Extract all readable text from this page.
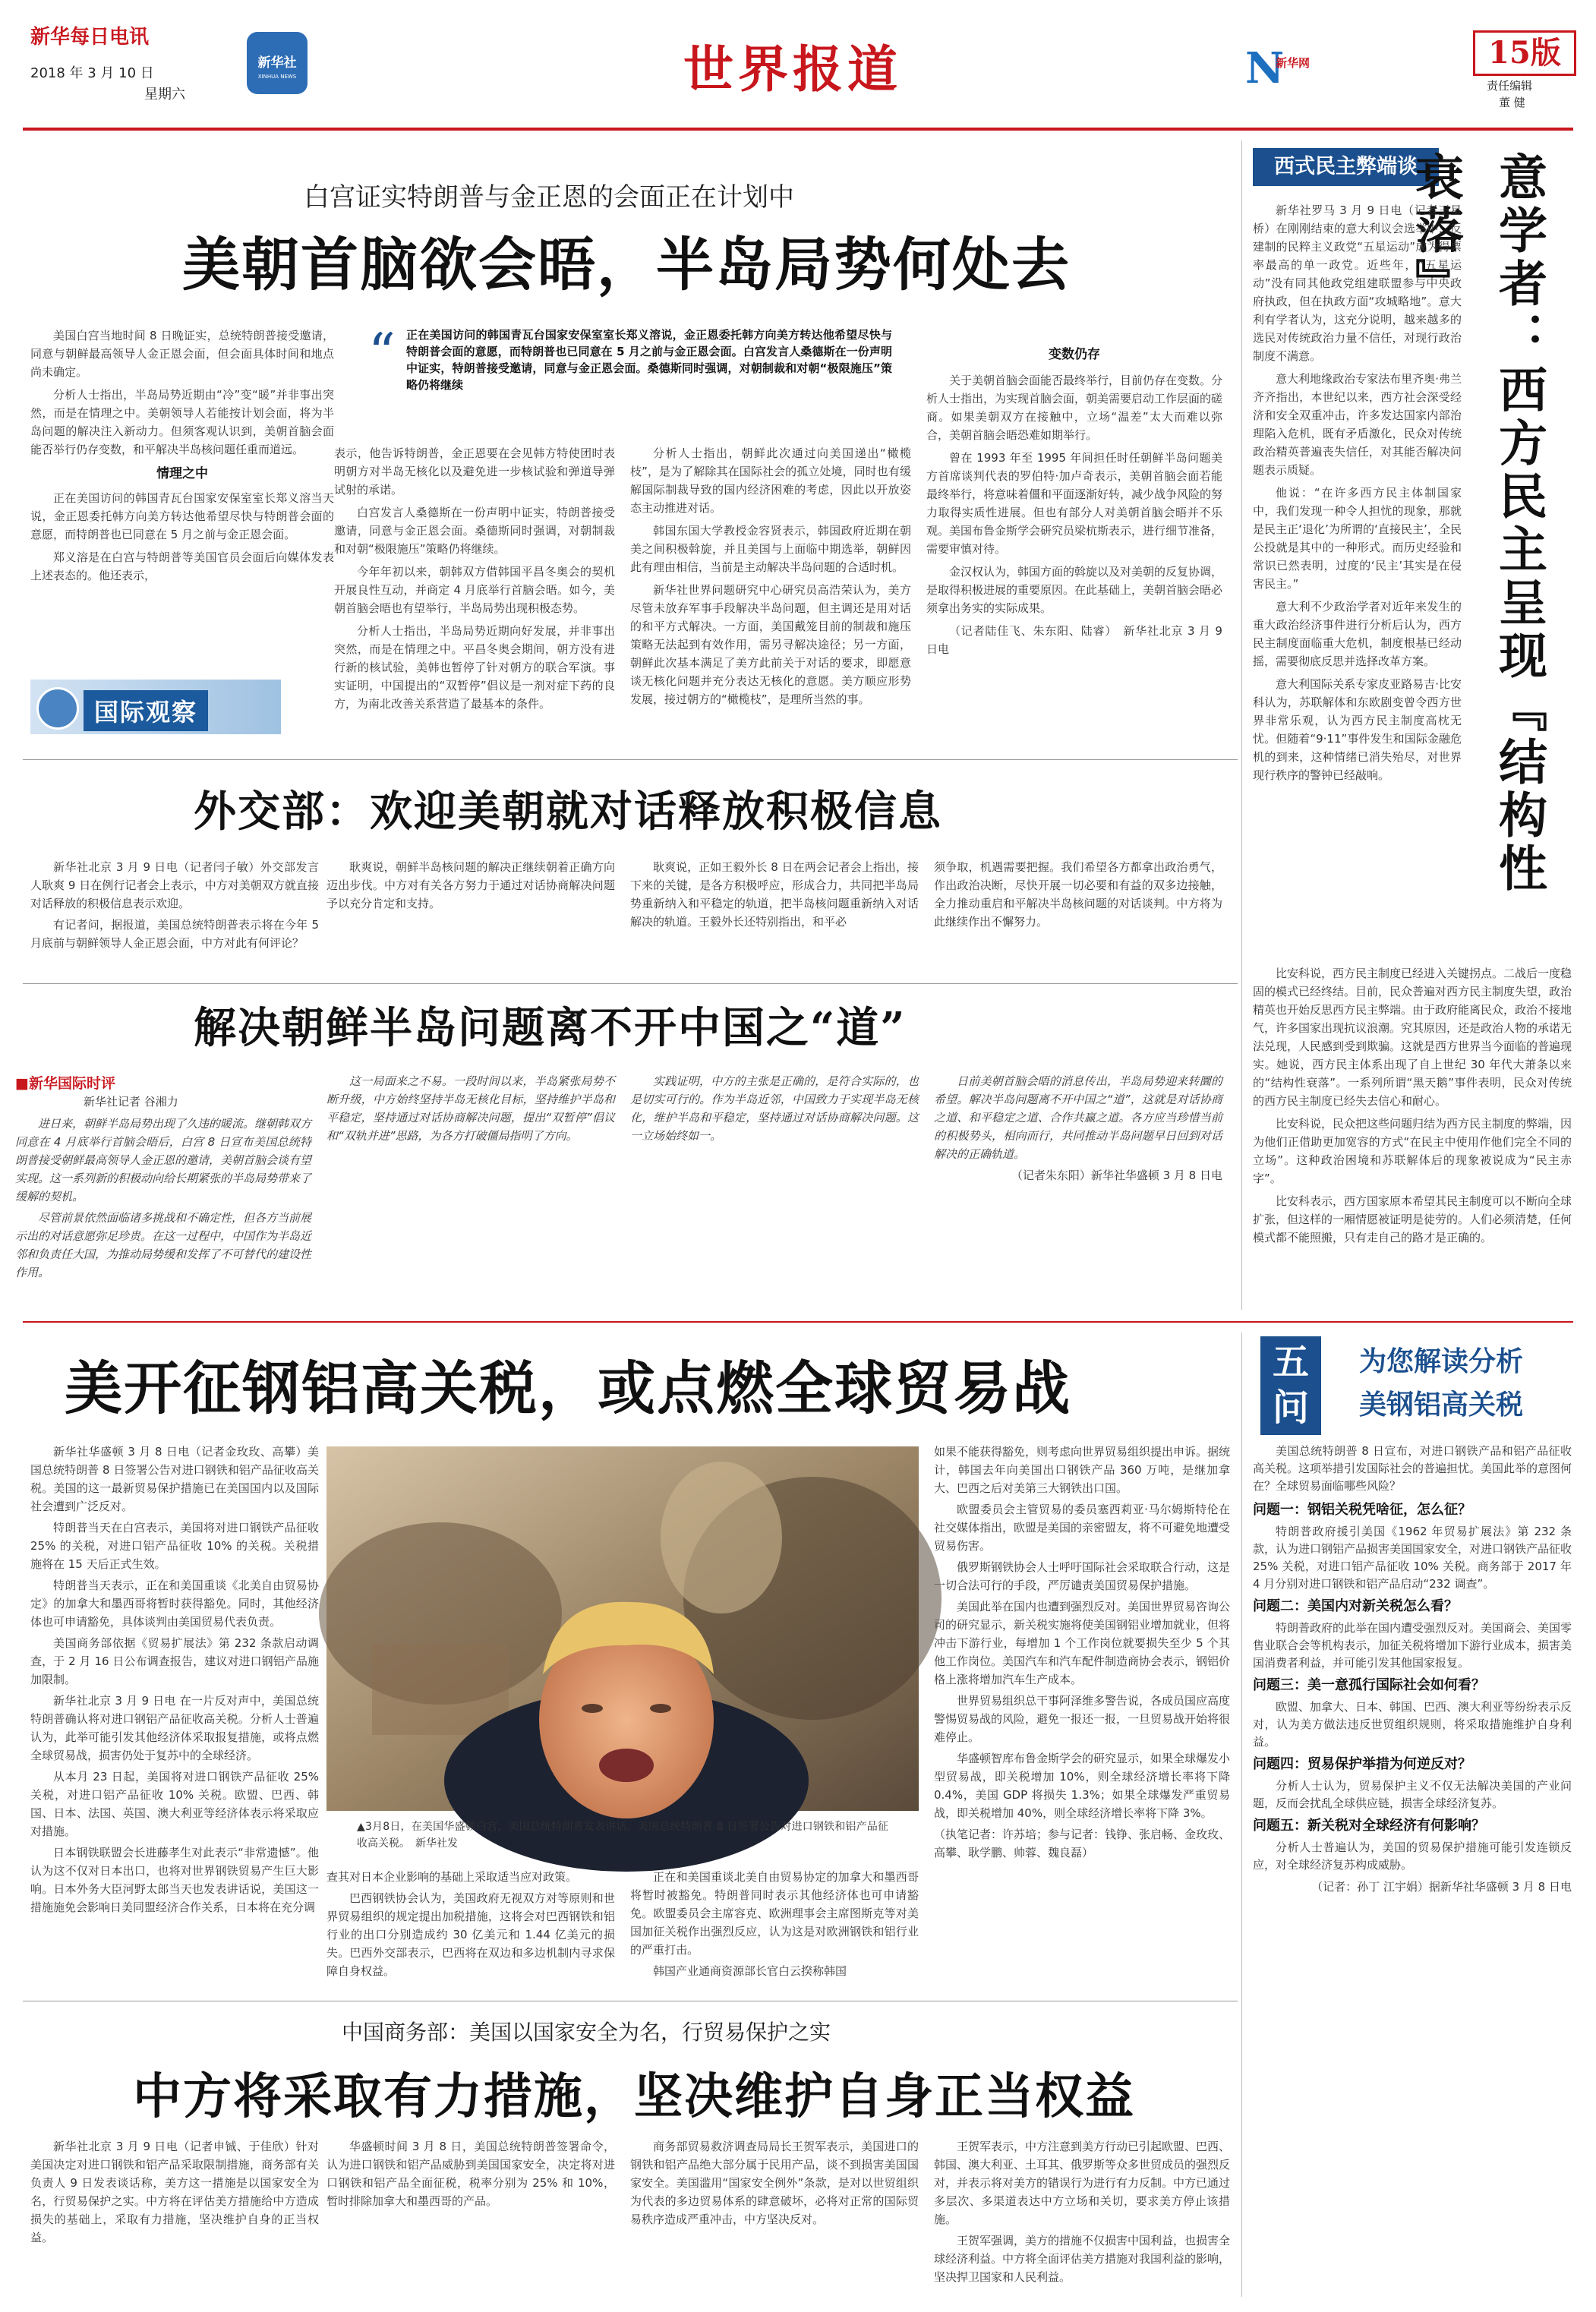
新华每日电讯
2018 年 3 月 10 日
星期六
新华社
XINHUA NEWS	世界报道	N
新华网	15版
责任编辑
董 健
白宫证实特朗普与金正恩的会面正在计划中
美朝首脑欲会晤，半岛局势何处去
“ 正在美国访问的韩国青瓦台国家安保室室长郑义溶说，金正恩委托韩方向美方转达他希望尽快与特朗普会面的意愿，而特朗普也已同意在 5 月之前与金正恩会面。白宫发言人桑德斯在一份声明中证实，特朗普接受邀请，同意与金正恩会面。桑德斯同时强调，对朝制裁和对朝“极限施压”策略仍将继续

美国白宫当地时间 8 日晚证实，总统特朗普接受邀请，同意与朝鲜最高领导人金正恩会面，但会面具体时间和地点尚未确定。

分析人士指出，半岛局势近期由“冷”变“暖”并非事出突然，而是在情理之中。美朝领导人若能按计划会面，将为半岛问题的解决注入新动力。但须客观认识到，美朝首脑会面能否举行仍存变数，和平解决半岛核问题任重而道远。

情理之中

正在美国访问的韩国青瓦台国家安保室室长郑义溶当天说，金正恩委托韩方向美方转达他希望尽快与特朗普会面的意愿，而特朗普也已同意在 5 月之前与金正恩会面。

郑义溶是在白宫与特朗普等美国官员会面后向媒体发表上述表态的。他还表示，

国际观察

表示，他告诉特朗普，金正恩要在会见韩方特使团时表明朝方对半岛无核化以及避免进一步核试验和弹道导弹试射的承诺。

白宫发言人桑德斯在一份声明中证实，特朗普接受邀请，同意与金正恩会面。桑德斯同时强调，对朝制裁和对朝“极限施压”策略仍将继续。

今年年初以来，朝韩双方借韩国平昌冬奥会的契机开展良性互动，并商定 4 月底举行首脑会晤。如今，美朝首脑会晤也有望举行，半岛局势出现积极态势。

分析人士指出，半岛局势近期向好发展，并非事出突然，而是在情理之中。平昌冬奥会期间，朝方没有进行新的核试验，美韩也暂停了针对朝方的联合军演。事实证明，中国提出的“双暂停”倡议是一剂对症下药的良方，为南北改善关系营造了最基本的条件。

分析人士指出，朝鲜此次通过向美国递出“橄榄枝”，是为了解除其在国际社会的孤立处境，同时也有缓解国际制裁导致的国内经济困难的考虑，因此以开放姿态主动推进对话。

韩国东国大学教授金容贤表示，韩国政府近期在朝美之间积极斡旋，并且美国与上面临中期选举，朝鲜因此有理由相信，当前是主动解决半岛问题的合适时机。

新华社世界问题研究中心研究员高浩荣认为，美方尽管未放弃军事手段解决半岛问题，但主调还是用对话的和平方式解决。一方面，美国戴笼目前的制裁和施压策略无法起到有效作用，需另寻解决途径；另一方面，朝鲜此次基本满足了美方此前关于对话的要求，即愿意谈无核化问题并充分表达无核化的意愿。美方顺应形势发展，接过朝方的“橄榄枝”，是理所当然的事。

变数仍存

关于美朝首脑会面能否最终举行，目前仍存在变数。分析人士指出，为实现首脑会面，朝美需要启动工作层面的磋商。如果美朝双方在接触中，立场“温差”太大而难以弥合，美朝首脑会晤恐难如期举行。

曾在 1993 年至 1995 年间担任时任朝鲜半岛问题美方首席谈判代表的罗伯特·加卢奇表示，美朝首脑会面若能最终举行，将意味着僵和平面逐渐好转，减少战争风险的努力取得实质性进展。但也有部分人对美朝首脑会晤并不乐观。美国布鲁金斯学会研究员梁杭斯表示，进行细节准备，需要审慎对待。

金汉权认为，韩国方面的斡旋以及对美朝的反复协调，是取得积极进展的重要原因。在此基础上，美朝首脑会晤必须拿出务实的实际成果。

（记者陆佳飞、朱东阳、陆睿）　 新华社北京 3 月 9 日电

外交部：欢迎美朝就对话释放积极信息

新华社北京 3 月 9 日电（记者闫子敏）外交部发言人耿爽 9 日在例行记者会上表示，中方对美朝双方就直接对话释放的积极信息表示欢迎。

有记者问，据报道，美国总统特朗普表示将在今年 5 月底前与朝鲜领导人金正恩会面，中方对此有何评论？

耿爽说，朝鲜半岛核问题的解决正继续朝着正确方向迈出步伐。中方对有关各方努力于通过对话协商解决问题予以充分肯定和支持。

耿爽说，正如王毅外长 8 日在两会记者会上指出，接下来的关键，是各方积极呼应，形成合力，共同把半岛局势重新纳入和平稳定的轨道，把半岛核问题重新纳入对话解决的轨道。王毅外长还特别指出，和平必

须争取，机遇需要把握。我们希望各方都拿出政治勇气，作出政治决断，尽快开展一切必要和有益的双多边接触，全力推动重启和平解决半岛核问题的对话谈判。中方将为此继续作出不懈努力。

解决朝鲜半岛问题离不开中国之“道”
■新华国际时评
新华社记者 谷湘力

进日来，朝鲜半岛局势出现了久违的暖流。继朝韩双方同意在 4 月底举行首脑会晤后，白宫 8 日宣布美国总统特朗普接受朝鲜最高领导人金正恩的邀请，美朝首脑会谈有望实现。这一系列新的积极动向给长期紧张的半岛局势带来了缓解的契机。

尽管前景依然面临诸多挑战和不确定性，但各方当前展示出的对话意愿弥足珍贵。在这一过程中，中国作为半岛近邻和负责任大国，为推动局势缓和发挥了不可替代的建设性作用。

这一局面来之不易。一段时间以来，半岛紧张局势不断升级，中方始终坚持半岛无核化目标，坚持维护半岛和平稳定，坚持通过对话协商解决问题，提出“双暂停”倡议和“双轨并进”思路，为各方打破僵局指明了方向。

实践证明，中方的主张是正确的，是符合实际的，也是切实可行的。作为半岛近邻，中国致力于实现半岛无核化，维护半岛和平稳定，坚持通过对话协商解决问题。这一立场始终如一。

日前美朝首脑会晤的消息传出，半岛局势迎来转圜的希望。解决半岛问题离不开中国之“道”，这就是对话协商之道、和平稳定之道、合作共赢之道。各方应当珍惜当前的积极势头，相向而行，共同推动半岛问题早日回到对话解决的正确轨道。

（记者朱东阳）新华社华盛顿 3 月 8 日电

西式民主弊端谈	意学者：西方民主呈现『结构性衰落』

新华社罗马 3 月 9 日电（记者王星桥）在刚刚结束的意大利议会选举中，反建制的民粹主义政党“五星运动”成为得票率最高的单一政党。近些年，“五星运动”没有同其他政党组建联盟参与中央政府执政，但在执政方面“攻城略地”。意大利有学者认为，这充分说明，越来越多的选民对传统政治力量不信任，对现行政治制度不满意。

意大利地缘政治专家法布里齐奥·弗兰齐齐指出，本世纪以来，西方社会深受经济和安全双重冲击，许多发达国家内部治理陷入危机，既有矛盾激化，民众对传统政治精英普遍丧失信任，对其能否解决问题表示质疑。

他说：“在许多西方民主体制国家中，我们发现一种令人担忧的现象，那就是民主正‘退化’为所谓的‘直接民主’，全民公投就是其中的一种形式。而历史经验和常识已然表明，过度的‘民主’其实是在侵害民主。”

意大利不少政治学者对近年来发生的重大政治经济事件进行分析后认为，西方民主制度面临重大危机，制度根基已经动摇，需要彻底反思并选择改革方案。

意大利国际关系专家皮亚路易吉·比安科认为，苏联解体和东欧剧变曾令西方世界非常乐观，认为西方民主制度高枕无忧。但随着“9·11”事件发生和国际金融危机的到来，这种情绪已消失殆尽，对世界现行秩序的警钟已经敲响。

比安科说，西方民主制度已经进入关键拐点。二战后一度稳固的模式已经终结。目前，民众普遍对西方民主制度失望，政治精英也开始反思西方民主弊端。由于政府能离民众，政治不接地气，许多国家出现抗议浪潮。究其原因，还是政治人物的承诺无法兑现，人民感到受到欺骗。这就是西方世界当今面临的普遍现实。她说，西方民主体系出现了自上世纪 30 年代大萧条以来的“结构性衰落”。一系列所谓“黑天鹅”事件表明，民众对传统的西方民主制度已经失去信心和耐心。

比安科说，民众把这些问题归结为西方民主制度的弊端，因为他们正借助更加宽容的方式“在民主中使用作他们完全不同的立场”。这种政治困境和苏联解体后的现象被说成为“民主赤字”。

比安科表示，西方国家原本希望其民主制度可以不断向全球扩张，但这样的一厢情愿被证明是徒劳的。人们必须清楚，任何模式都不能照搬，只有走自己的路才是正确的。

美开征钢铝高关税，或点燃全球贸易战

新华社华盛顿 3 月 8 日电（记者金玫玫、高攀）美国总统特朗普 8 日签署公告对进口钢铁和铝产品征收高关税。美国的这一最新贸易保护措施已在美国国内以及国际社会遭到广泛反对。

特朗普当天在白宫表示，美国将对进口钢铁产品征收 25% 的关税，对进口铝产品征收 10% 的关税。关税措施将在 15 天后正式生效。

特朗普当天表示，正在和美国重谈《北美自由贸易协定》的加拿大和墨西哥将暂时获得豁免。同时，其他经济体也可申请豁免，具体谈判由美国贸易代表负责。

美国商务部依据《贸易扩展法》第 232 条款启动调查，于 2 月 16 日公布调查报告，建议对进口钢铝产品施加限制。

新华社北京 3 月 9 日电 在一片反对声中，美国总统特朗普确认将对进口钢铝产品征收高关税。分析人士普遍认为，此举可能引发其他经济体采取报复措施，或将点燃全球贸易战，损害仍处于复苏中的全球经济。

从本月 23 日起，美国将对进口钢铁产品征收 25% 关税，对进口铝产品征收 10% 关税。欧盟、巴西、韩国、日本、法国、英国、澳大利亚等经济体表示将采取应对措施。

日本钢铁联盟会长进藤孝生对此表示“非常遗憾”。他认为这不仅对日本出口，也将对世界钢铁贸易产生巨大影响。日本外务大臣河野太郎当天也发表讲话说，美国这一措施施免会影响日美同盟经济合作关系，日本将在充分调

▲3月8日，在美国华盛顿白宫，美国总统特朗普发表讲话。美国总统特朗普 8 日签署公告对进口钢铁和铝产品征收高关税。　新华社发

查其对日本企业影响的基础上采取适当应对政策。

巴西钢铁协会认为，美国政府无视双方对等原则和世界贸易组织的规定提出加税措施，这将会对巴西钢铁和铝行业的出口分别造成约 30 亿美元和 1.44 亿美元的损失。巴西外交部表示，巴西将在双边和多边机制内寻求保障自身权益。

正在和美国重谈北美自由贸易协定的加拿大和墨西哥将暂时被豁免。特朗普同时表示其他经济体也可申请豁免。欧盟委员会主席容克、欧洲理事会主席图斯克等对美国加征关税作出强烈反应，认为这是对欧洲钢铁和铝行业的严重打击。

韩国产业通商资源部长官白云揆称韩国

如果不能获得豁免，则考虑向世界贸易组织提出申诉。据统计，韩国去年向美国出口钢铁产品 360 万吨，是继加拿大、巴西之后对美第三大钢铁出口国。

欧盟委员会主管贸易的委员塞西莉亚·马尔姆斯特伦在社交媒体指出，欧盟是美国的亲密盟友，将不可避免地遭受贸易伤害。

俄罗斯钢铁协会人士呼吁国际社会采取联合行动，这是一切合法可行的手段，严厉谴责美国贸易保护措施。

美国此举在国内也遭到强烈反对。美国世界贸易咨询公司的研究显示，新关税实施将使美国钢铝业增加就业，但将冲击下游行业，每增加 1 个工作岗位就要损失至少 5 个其他工作岗位。美国汽车和汽车配件制造商协会表示，钢铝价格上涨将增加汽车生产成本。

世界贸易组织总干事阿泽维多警告说，各成员国应高度警惕贸易战的风险，避免一报还一报，一旦贸易战开始将很难停止。

华盛顿智库布鲁金斯学会的研究显示，如果全球爆发小型贸易战，即关税增加 10%，则全球经济增长率将下降 0.4%，美国 GDP 将损失 1.3%；如果全球爆发严重贸易战，即关税增加 40%，则全球经济增长率将下降 3%。

（执笔记者：许苏培；参与记者：钱铮、张启畅、金玫玫、高攀、耿学鹏、帅蓉、魏良磊）

五
问
为您解读分析
美钢铝高关税

美国总统特朗普 8 日宣布，对进口钢铁产品和铝产品征收高关税。这项举措引发国际社会的普遍担忧。美国此举的意图何在？全球贸易面临哪些风险？

问题一：钢铝关税凭啥征，怎么征？

特朗普政府援引美国《1962 年贸易扩展法》第 232 条款，认为进口钢铝产品损害美国国家安全，对进口钢铁产品征收 25% 关税，对进口铝产品征收 10% 关税。商务部于 2017 年 4 月分别对进口钢铁和铝产品启动“232 调查”。

问题二：美国内对新关税怎么看？

特朗普政府的此举在国内遭受强烈反对。美国商会、美国零售业联合会等机构表示，加征关税将增加下游行业成本，损害美国消费者利益，并可能引发其他国家报复。

问题三：美一意孤行国际社会如何看？

欧盟、加拿大、日本、韩国、巴西、澳大利亚等纷纷表示反对，认为美方做法违反世贸组织规则，将采取措施维护自身利益。

问题四：贸易保护举措为何逆反对？

分析人士认为，贸易保护主义不仅无法解决美国的产业问题，反而会扰乱全球供应链，损害全球经济复苏。

问题五：新关税对全球经济有何影响？

分析人士普遍认为，美国的贸易保护措施可能引发连锁反应，对全球经济复苏构成威胁。

（记者：孙丁 江宇娟）据新华社华盛顿 3 月 8 日电

中国商务部：美国以国家安全为名，行贸易保护之实
中方将采取有力措施，坚决维护自身正当权益

新华社北京 3 月 9 日电（记者申铖、于佳欣）针对美国决定对进口钢铁和铝产品采取限制措施，商务部有关负责人 9 日发表谈话称，美方这一措施是以国家安全为名，行贸易保护之实。中方将在评估美方措施给中方造成损失的基础上，采取有力措施，坚决维护自身的正当权益。

华盛顿时间 3 月 8 日，美国总统特朗普签署命令，认为进口钢铁和铝产品威胁到美国国家安全，决定将对进口钢铁和铝产品全面征税，税率分别为 25% 和 10%，暂时排除加拿大和墨西哥的产品。

商务部贸易救济调查局局长王贺军表示，美国进口的钢铁和铝产品绝大部分属于民用产品，谈不到损害美国国家安全。美国滥用“国家安全例外”条款，是对以世贸组织为代表的多边贸易体系的肆意破坏，必将对正常的国际贸易秩序造成严重冲击，中方坚决反对。

王贺军表示，中方注意到美方行动已引起欧盟、巴西、韩国、澳大利亚、土耳其、俄罗斯等众多世贸成员的强烈反对，并表示将对美方的错误行为进行有力反制。中方已通过多层次、多渠道表达中方立场和关切，要求美方停止该措施。

王贺军强调，美方的措施不仅损害中国利益，也损害全球经济利益。中方将全面评估美方措施对我国利益的影响，坚决捍卫国家和人民利益。
